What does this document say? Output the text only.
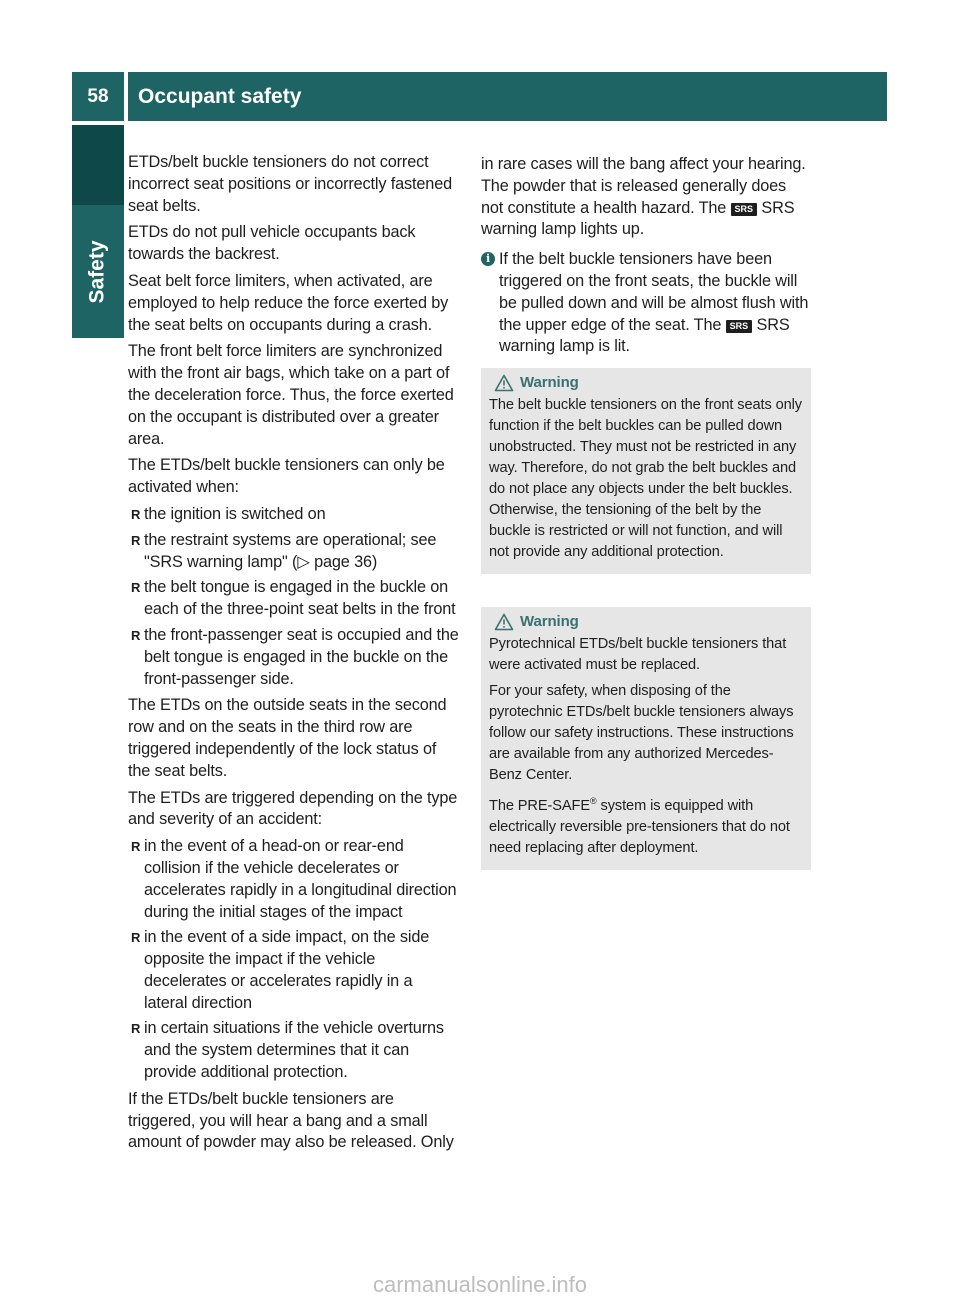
58	Occupant safety
Safety

ETDs/belt buckle tensioners do not correct incorrect seat positions or incorrectly fastened seat belts.

ETDs do not pull vehicle occupants back towards the backrest.

Seat belt force limiters, when activated, are employed to help reduce the force exerted by the seat belts on occupants during a crash.

The front belt force limiters are synchronized with the front air bags, which take on a part of the deceleration force. Thus, the force exerted on the occupant is distributed over a greater area.

The ETDs/belt buckle tensioners can only be activated when:

R the ignition is switched on
R the restraint systems are operational; see "SRS warning lamp" (▷ page 36)
R the belt tongue is engaged in the buckle on each of the three-point seat belts in the front
R the front-passenger seat is occupied and the belt tongue is engaged in the buckle on the front-passenger side.

The ETDs on the outside seats in the second row and on the seats in the third row are triggered independently of the lock status of the seat belts.

The ETDs are triggered depending on the type and severity of an accident:

R in the event of a head-on or rear-end collision if the vehicle decelerates or accelerates rapidly in a longitudinal direction during the initial stages of the impact
R in the event of a side impact, on the side opposite the impact if the vehicle decelerates or accelerates rapidly in a lateral direction
R in certain situations if the vehicle overturns and the system determines that it can provide additional protection.

If the ETDs/belt buckle tensioners are triggered, you will hear a bang and a small amount of powder may also be released. Only

in rare cases will the bang affect your hearing. The powder that is released generally does not constitute a health hazard. The SRS SRS warning lamp lights up.

i If the belt buckle tensioners have been triggered on the front seats, the buckle will be pulled down and will be almost flush with the upper edge of the seat. The SRS SRS warning lamp is lit.
Warning

The belt buckle tensioners on the front seats only function if the belt buckles can be pulled down unobstructed. They must not be restricted in any way. Therefore, do not grab the belt buckles and do not place any objects under the belt buckles. Otherwise, the tensioning of the belt by the buckle is restricted or will not function, and will not provide any additional protection.

Warning

Pyrotechnical ETDs/belt buckle tensioners that were activated must be replaced.

For your safety, when disposing of the pyrotechnic ETDs/belt buckle tensioners always follow our safety instructions. These instructions are available from any authorized Mercedes-Benz Center.

The PRE-SAFE® system is equipped with electrically reversible pre-tensioners that do not need replacing after deployment.

carmanualsonline.info
